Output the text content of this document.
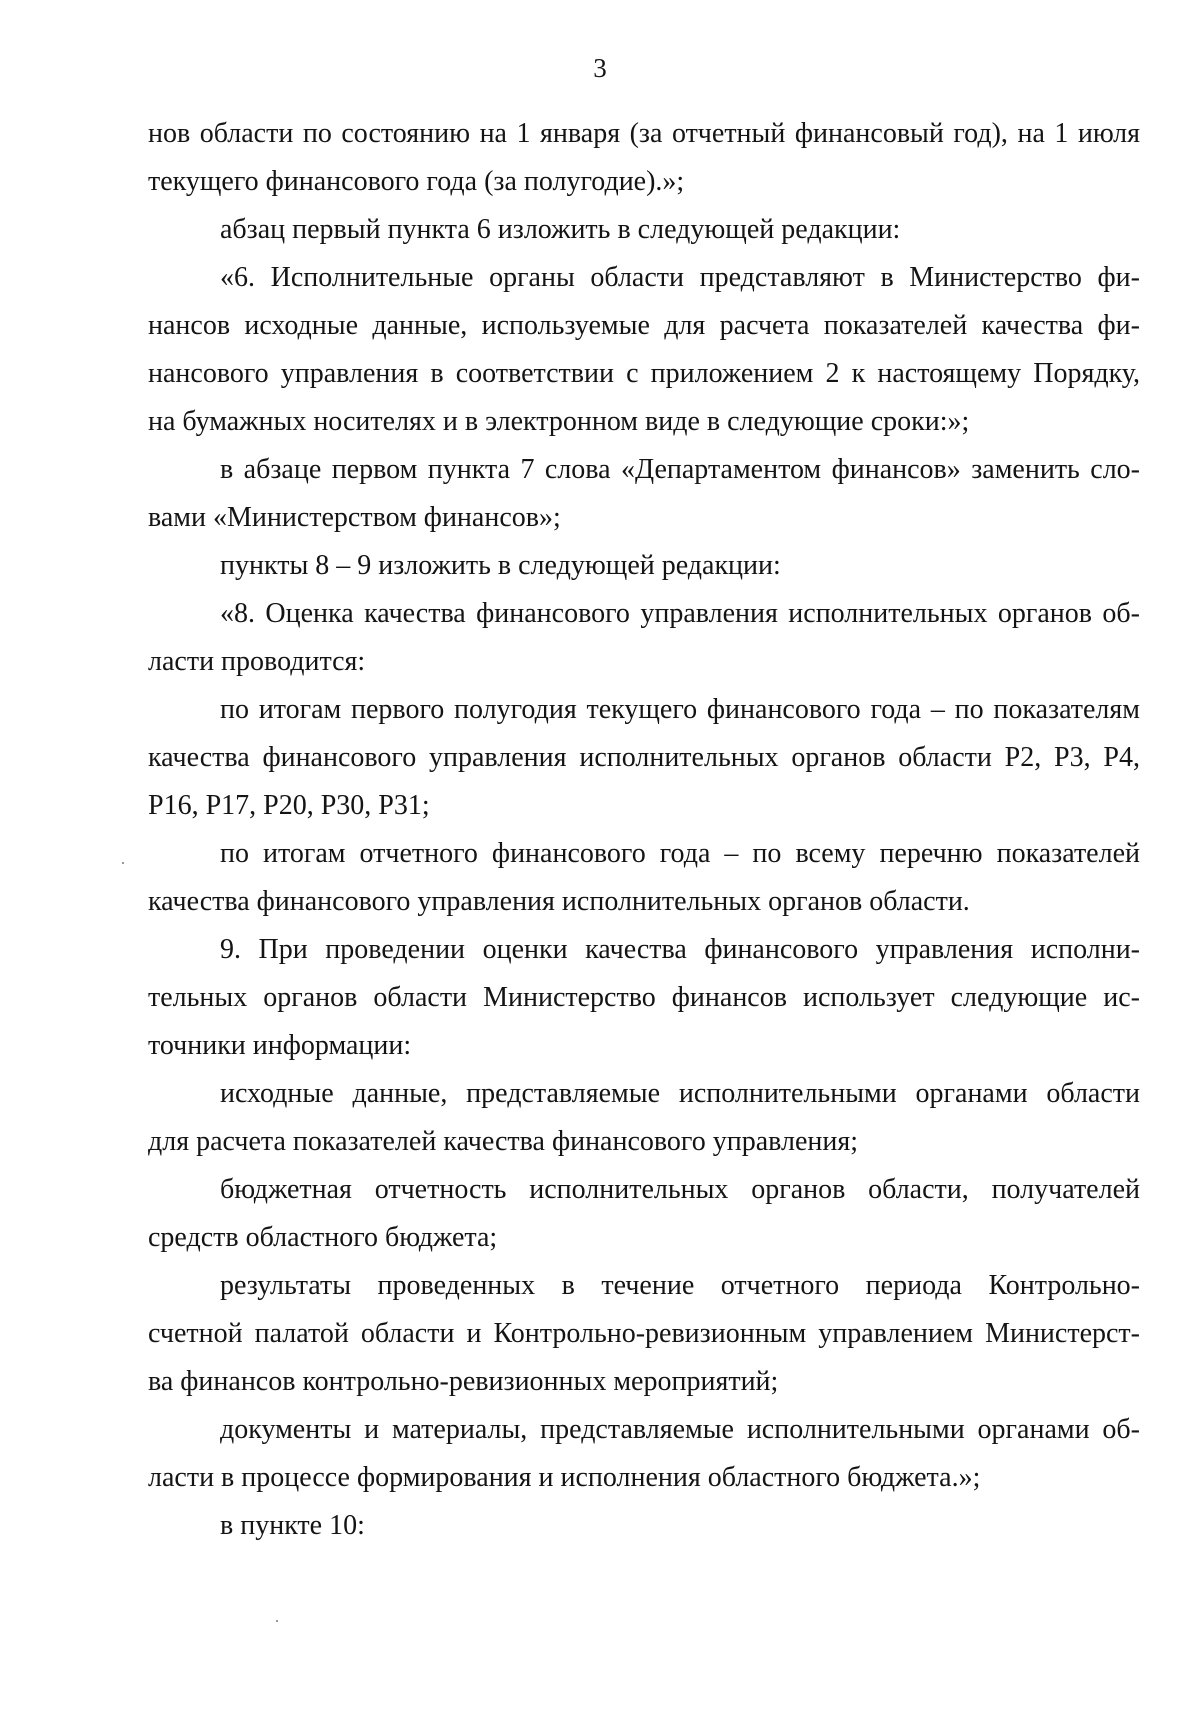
3

нов области по состоянию на 1 января (за отчетный финансовый год), на 1 июля
текущего финансового года (за полугодие).»;

абзац первый пункта 6 изложить в следующей редакции:

«6. Исполнительные органы области представляют в Министерство фи-
нансов исходные данные, используемые для расчета показателей качества фи-
нансового управления в соответствии с приложением 2 к настоящему Порядку,
на бумажных носителях и в электронном виде в следующие сроки:»;

в абзаце первом пункта 7 слова «Департаментом финансов» заменить сло-
вами «Министерством финансов»;

пункты 8 – 9 изложить в следующей редакции:

«8. Оценка качества финансового управления исполнительных органов об-
ласти проводится:

по итогам первого полугодия текущего финансового года – по показателям
качества финансового управления исполнительных органов области Р2, Р3, Р4,
Р16, Р17, Р20, Р30, Р31;

по итогам отчетного финансового года – по всему перечню показателей
качества финансового управления исполнительных органов области.

9. При проведении оценки качества финансового управления исполни-
тельных органов области Министерство финансов использует следующие ис-
точники информации:

исходные данные, представляемые исполнительными органами области
для расчета показателей качества финансового управления;

бюджетная отчетность исполнительных органов области, получателей
средств областного бюджета;

результаты проведенных в течение отчетного периода Контрольно-
счетной палатой области и Контрольно-ревизионным управлением Министерст-
ва финансов контрольно-ревизионных мероприятий;

документы и материалы, представляемые исполнительными органами об-
ласти в процессе формирования и исполнения областного бюджета.»;

в пункте 10:
